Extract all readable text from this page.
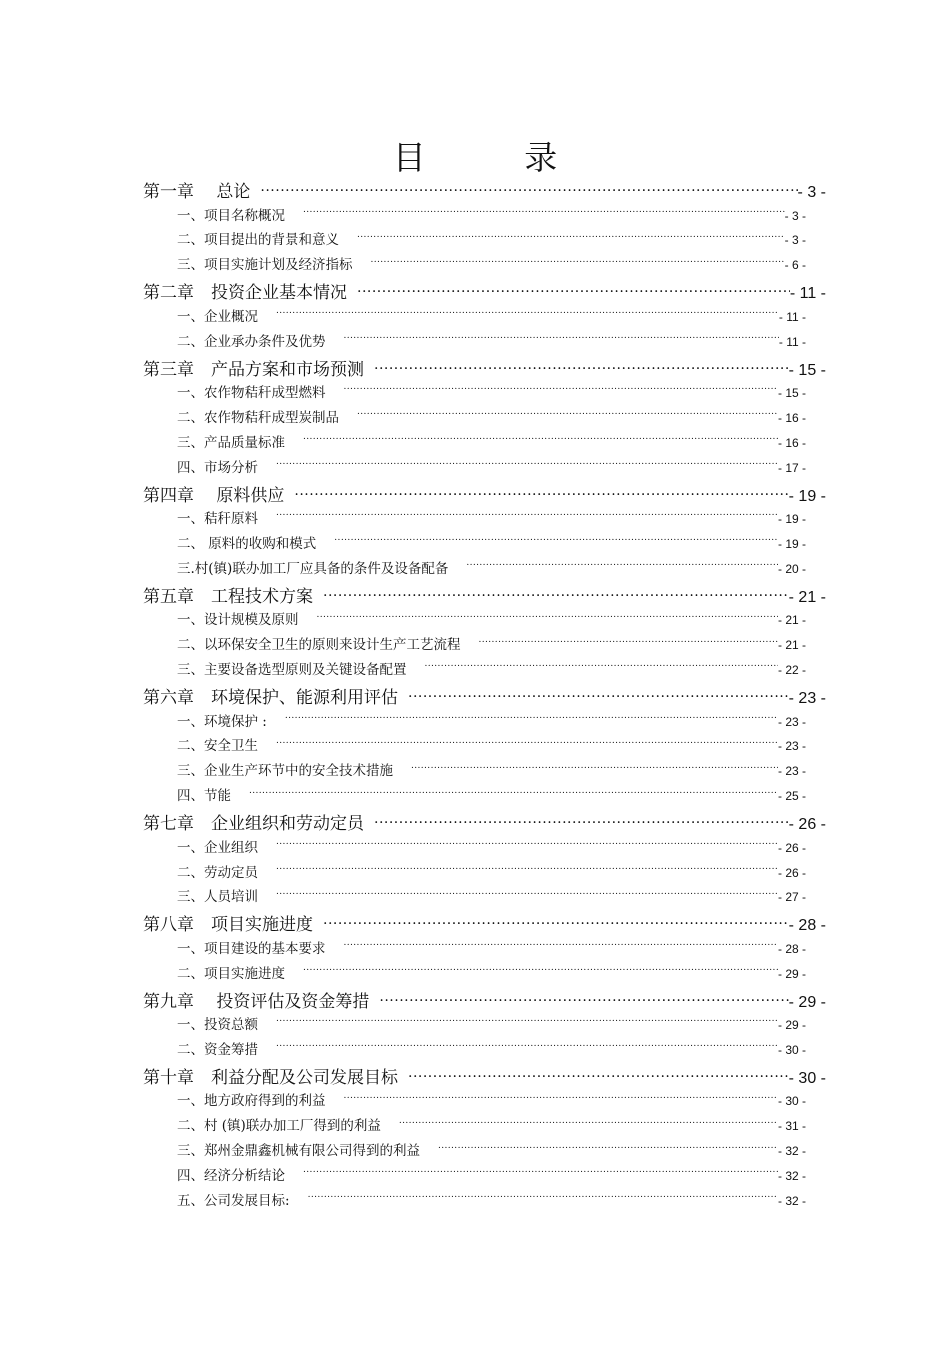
目 录
第一章　 总论 .....	- 3 -
一、项目名称概况 .....	- 3 -
二、项目提出的背景和意义 .....	- 3 -
三、项目实施计划及经济指标 .....	- 6 -
第二章　投资企业基本情况 .....	- 11 -
一、企业概况 .....	- 11 -
二、企业承办条件及优势 .....	- 11 -
第三章　产品方案和市场预测 .....	- 15 -
一、农作物秸秆成型燃料 .....	- 15 -
二、农作物秸秆成型炭制品 .....	- 16 -
三、产品质量标准 .....	- 16 -
四、市场分析 .....	- 17 -
第四章　 原料供应 .....	- 19 -
一、秸秆原料 .....	- 19 -
二、 原料的收购和模式 .....	- 19 -
三.村(镇)联办加工厂应具备的条件及设备配备 .....	- 20 -
第五章　工程技术方案 .....	- 21 -
一、设计规模及原则 .....	- 21 -
二、以环保安全卫生的原则来设计生产工艺流程 .....	- 21 -
三、主要设备选型原则及关键设备配置 .....	- 22 -
第六章　环境保护、能源利用评估 .....	- 23 -
一、环境保护 : .....	- 23 -
二、安全卫生 .....	- 23 -
三、企业生产环节中的安全技术措施 .....	- 23 -
四、节能 .....	- 25 -
第七章　企业组织和劳动定员 .....	- 26 -
一、企业组织 .....	- 26 -
二、劳动定员 .....	- 26 -
三、人员培训 .....	- 27 -
第八章　项目实施进度 .....	- 28 -
一、项目建设的基本要求 .....	- 28 -
二、项目实施进度 .....	- 29 -
第九章　 投资评估及资金筹措 .....	- 29 -
一、投资总额 .....	- 29 -
二、资金筹措 .....	- 30 -
第十章　利益分配及公司发展目标 .....	- 30 -
一、地方政府得到的利益 .....	- 30 -
二、村 (镇)联办加工厂得到的利益 .....	- 31 -
三、郑州金鼎鑫机械有限公司得到的利益 .....	- 32 -
四、经济分析结论 .....	- 32 -
五、公司发展目标: .....	- 32 -
